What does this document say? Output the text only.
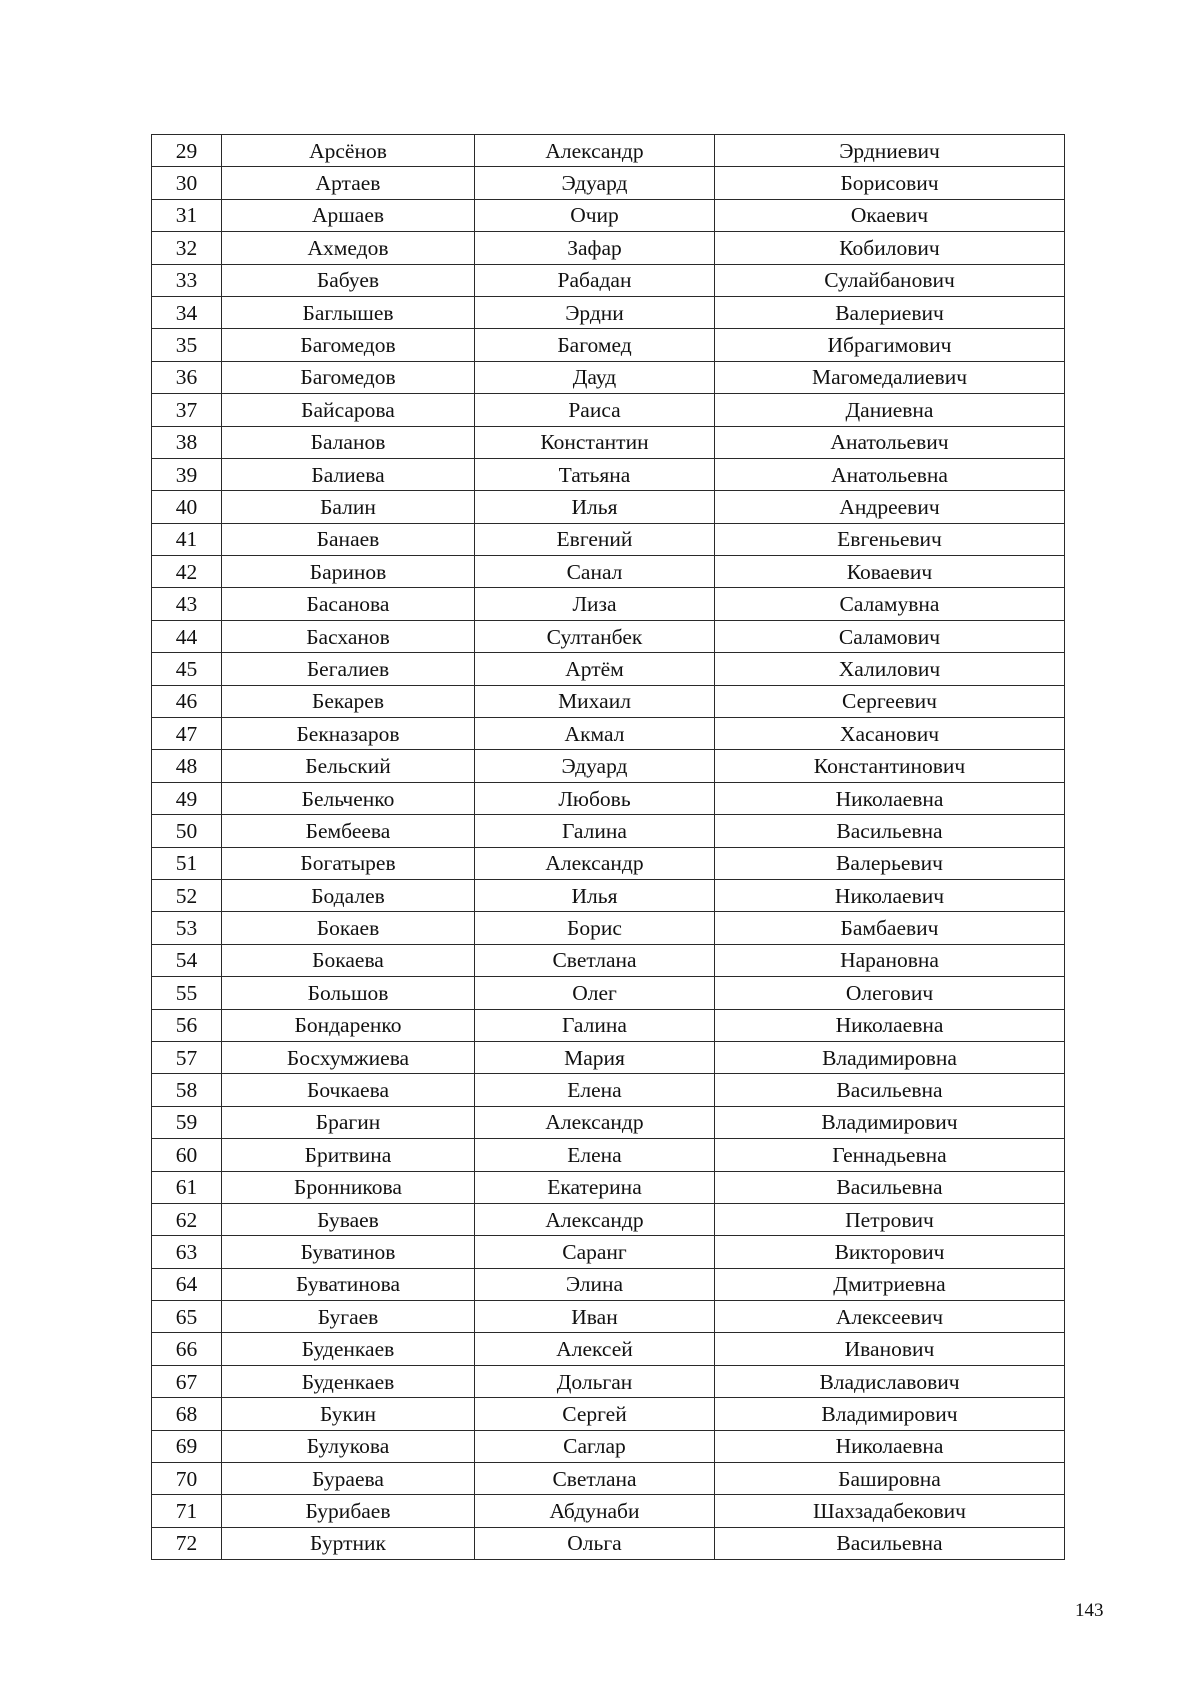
29	Арсёнов	Александр	Эрдниевич
30	Артаев	Эдуард	Борисович
31	Аршаев	Очир	Окаевич
32	Ахмедов	Зафар	Кобилович
33	Бабуев	Рабадан	Сулайбанович
34	Баглышев	Эрдни	Валериевич
35	Багомедов	Багомед	Ибрагимович
36	Багомедов	Дауд	Магомедалиевич
37	Байсарова	Раиса	Даниевна
38	Баланов	Константин	Анатольевич
39	Балиева	Татьяна	Анатольевна
40	Балин	Илья	Андреевич
41	Банаев	Евгений	Евгеньевич
42	Баринов	Санал	Коваевич
43	Басанова	Лиза	Саламувна
44	Басханов	Султанбек	Саламович
45	Бегалиев	Артём	Халилович
46	Бекарев	Михаил	Сергеевич
47	Бекназаров	Акмал	Хасанович
48	Бельский	Эдуард	Константинович
49	Бельченко	Любовь	Николаевна
50	Бембеева	Галина	Васильевна
51	Богатырев	Александр	Валерьевич
52	Бодалев	Илья	Николаевич
53	Бокаев	Борис	Бамбаевич
54	Бокаева	Светлана	Нарановна
55	Большов	Олег	Олегович
56	Бондаренко	Галина	Николаевна
57	Босхумжиева	Мария	Владимировна
58	Бочкаева	Елена	Васильевна
59	Брагин	Александр	Владимирович
60	Бритвина	Елена	Геннадьевна
61	Бронникова	Екатерина	Васильевна
62	Буваев	Александр	Петрович
63	Буватинов	Саранг	Викторович
64	Буватинова	Элина	Дмитриевна
65	Бугаев	Иван	Алексеевич
66	Буденкаев	Алексей	Иванович
67	Буденкаев	Дольган	Владиславович
68	Букин	Сергей	Владимирович
69	Булукова	Саглар	Николаевна
70	Бураева	Светлана	Башировна
71	Бурибаев	Абдунаби	Шахзадабекович
72	Буртник	Ольга	Васильевна
143
